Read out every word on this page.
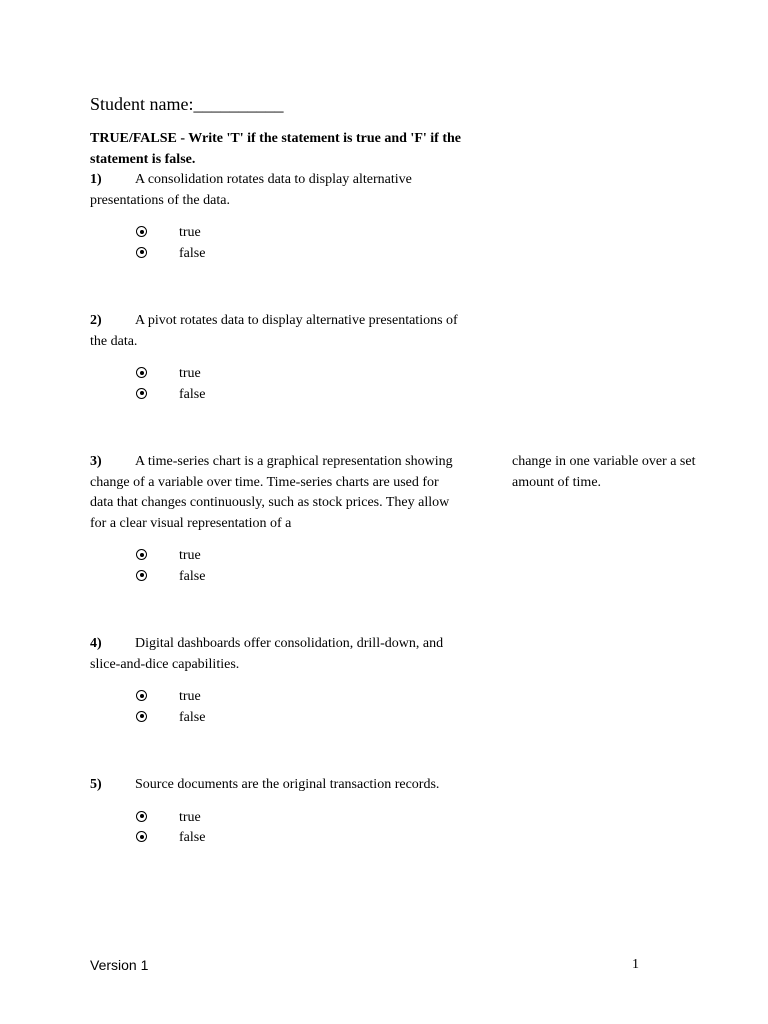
Student name:__________
TRUE/FALSE - Write 'T' if the statement is true and 'F' if the statement is false.
1) A consolidation rotates data to display alternative presentations of the data.
true
false
2) A pivot rotates data to display alternative presentations of the data.
true
false
3) A time-series chart is a graphical representation showing change of a variable over time. Time-series charts are used for data that changes continuously, such as stock prices. They allow for a clear visual representation of a
change in one variable over a set amount of time.
true
false
4) Digital dashboards offer consolidation, drill-down, and slice-and-dice capabilities.
true
false
5) Source documents are the original transaction records.
true
false
Version 1	1
